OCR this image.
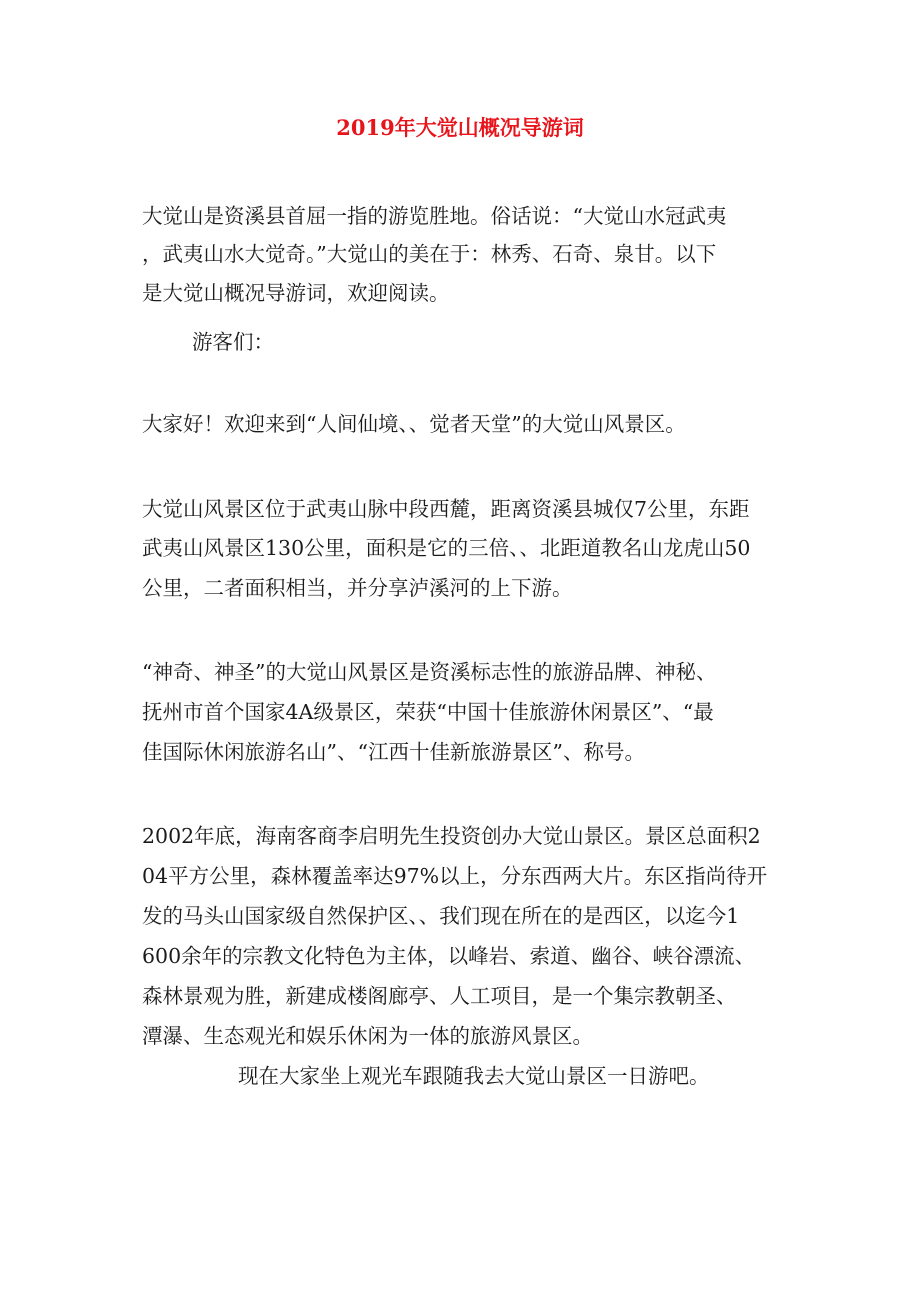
2019年大觉山概况导游词
大觉山是资溪县首屈一指的游览胜地。俗话说：“大觉山水冠武夷
，武夷山水大觉奇。”大觉山的美在于：林秀、石奇、泉甘。以下
是大觉山概况导游词，欢迎阅读。
游客们：
大家好！欢迎来到“人间仙境、、觉者天堂”的大觉山风景区。
大觉山风景区位于武夷山脉中段西麓，距离资溪县城仅7公里，东距
武夷山风景区130公里，面积是它的三倍、、北距道教名山龙虎山50
公里，二者面积相当，并分享泸溪河的上下游。
“神奇、神圣”的大觉山风景区是资溪标志性的旅游品牌、神秘、
抚州市首个国家4A级景区，荣获“中国十佳旅游休闲景区”、“最
佳国际休闲旅游名山”、“江西十佳新旅游景区”、称号。
2002年底，海南客商李启明先生投资创办大觉山景区。景区总面积2
04平方公里，森林覆盖率达97%以上，分东西两大片。东区指尚待开
发的马头山国家级自然保护区、、我们现在所在的是西区，以迄今1
600余年的宗教文化特色为主体，以峰岩、索道、幽谷、峡谷漂流、
森林景观为胜，新建成楼阁廊亭、人工项目，是一个集宗教朝圣、
潭瀑、生态观光和娱乐休闲为一体的旅游风景区。
现在大家坐上观光车跟随我去大觉山景区一日游吧。
